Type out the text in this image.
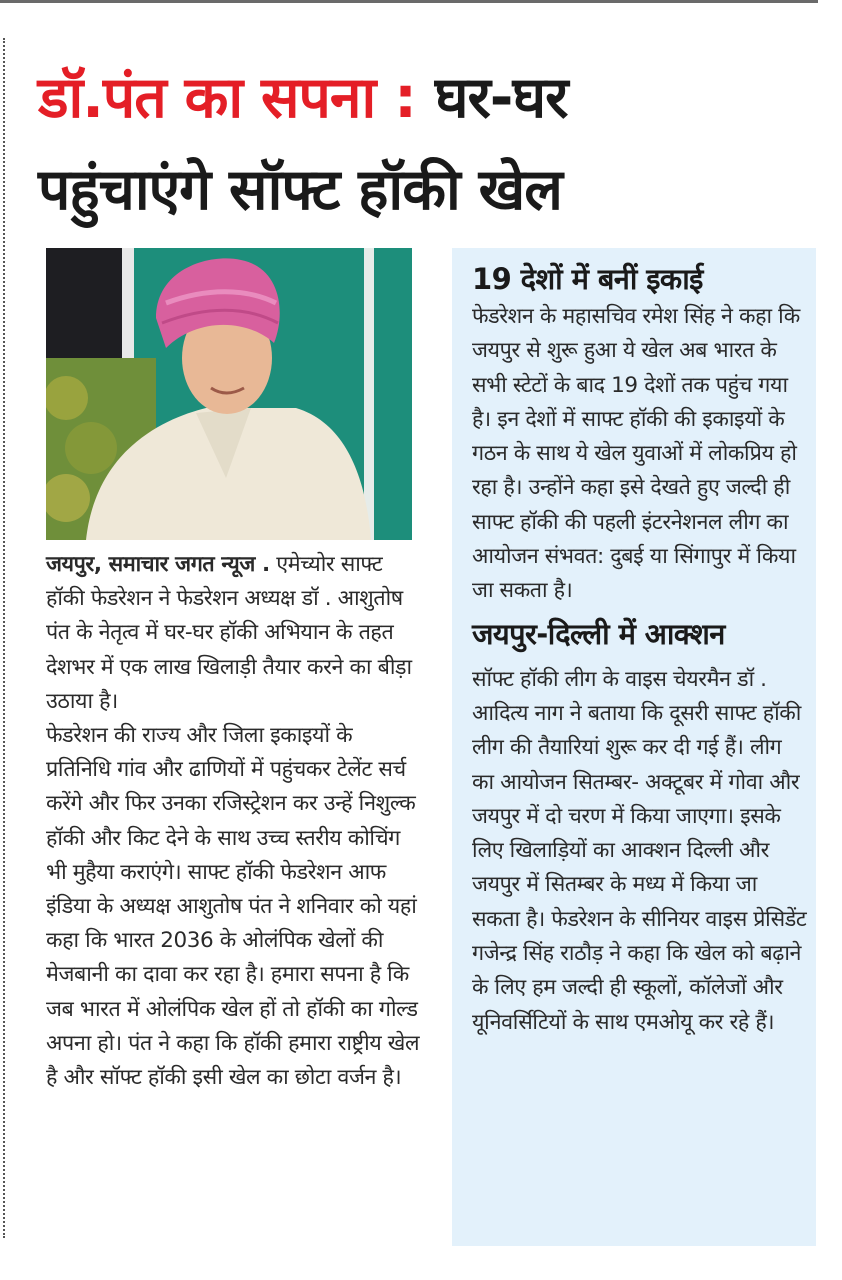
डॉ.पंत का सपना : घर-घर
पहुंचाएंगे सॉफ्ट हॉकी खेल

जयपुर, समाचार जगत न्यूज . एमेच्योर साफ्ट हॉकी फेडरेशन ने फेडरेशन अध्यक्ष डॉ . आशुतोष पंत के नेतृत्व में घर-घर हॉकी अभियान के तहत देशभर में एक लाख खिलाड़ी तैयार करने का बीड़ा उठाया है।

फेडरेशन की राज्य और जिला इकाइयों के प्रतिनिधि गांव और ढाणियों में पहुंचकर टेलेंट सर्च करेंगे और फिर उनका रजिस्ट्रेशन कर उन्हें निशुल्क हॉकी और किट देने के साथ उच्च स्तरीय कोचिंग भी मुहैया कराएंगे। साफ्ट हॉकी फेडरेशन आफ इंडिया के अध्यक्ष आशुतोष पंत ने शनिवार को यहां कहा कि भारत 2036 के ओलंपिक खेलों की मेजबानी का दावा कर रहा है। हमारा सपना है कि जब भारत में ओलंपिक खेल हों तो हॉकी का गोल्ड अपना हो। पंत ने कहा कि हॉकी हमारा राष्ट्रीय खेल है और सॉफ्ट हॉकी इसी खेल का छोटा वर्जन है।

19 देशों में बनीं इकाई

फेडरेशन के महासचिव रमेश सिंह ने कहा कि जयपुर से शुरू हुआ ये खेल अब भारत के सभी स्टेटों के बाद 19 देशों तक पहुंच गया है। इन देशों में साफ्ट हॉकी की इकाइयों के गठन के साथ ये खेल युवाओं में लोकप्रिय हो रहा है। उन्होंने कहा इसे देखते हुए जल्दी ही साफ्ट हॉकी की पहली इंटरनेशनल लीग का आयोजन संभवत: दुबई या सिंगापुर में किया जा सकता है।

जयपुर-दिल्ली में आक्शन

सॉफ्ट हॉकी लीग के वाइस चेयरमैन डॉ . आदित्य नाग ने बताया कि दूसरी साफ्ट हॉकी लीग की तैयारियां शुरू कर दी गई हैं। लीग का आयोजन सितम्बर- अक्टूबर में गोवा और जयपुर में दो चरण में किया जाएगा। इसके लिए खिलाड़ियों का आक्शन दिल्ली और जयपुर में सितम्बर के मध्य में किया जा सकता है। फेडरेशन के सीनियर वाइस प्रेसिडेंट गजेन्द्र सिंह राठौड़ ने कहा कि खेल को बढ़ाने के लिए हम जल्दी ही स्कूलों, कॉलेजों और यूनिवर्सिटियों के साथ एमओयू कर रहे हैं।
